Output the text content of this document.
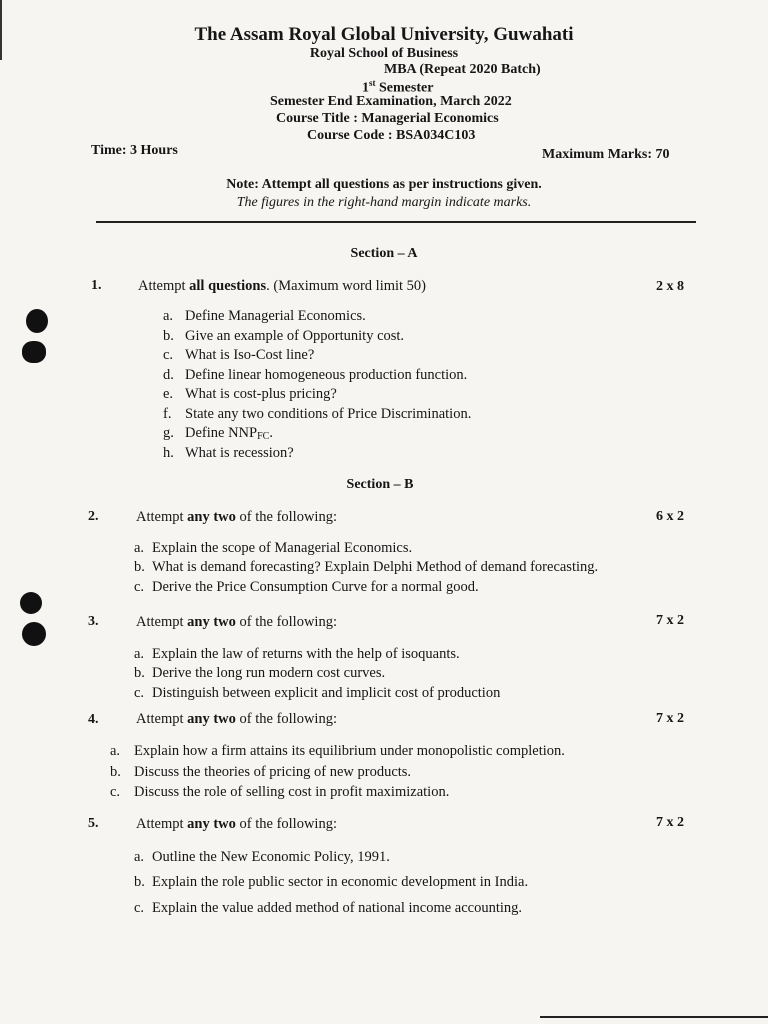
The Assam Royal Global University, Guwahati
Royal School of Business
MBA (Repeat 2020 Batch)
1st Semester
Semester End Examination, March 2022
Course Title : Managerial Economics
Course Code : BSA034C103
Time: 3 Hours	Maximum Marks: 70
Note: Attempt all questions as per instructions given.
The figures in the right-hand margin indicate marks.
Section – A
1.	Attempt all questions. (Maximum word limit 50)	2 x 8
a. Define Managerial Economics.
b. Give an example of Opportunity cost.
c. What is Iso-Cost line?
d. Define linear homogeneous production function.
e. What is cost-plus pricing?
f. State any two conditions of Price Discrimination.
g. Define $NNP_{FC}$.
h. What is recession?
Section – B
2.	Attempt any two of the following:	6 x 2
a. Explain the scope of Managerial Economics.
b. What is demand forecasting? Explain Delphi Method of demand forecasting.
c. Derive the Price Consumption Curve for a normal good.
3.	Attempt any two of the following:	7 x 2
a. Explain the law of returns with the help of isoquants.
b. Derive the long run modern cost curves.
c. Distinguish between explicit and implicit cost of production
4.	Attempt any two of the following:	7 x 2
a. Explain how a firm attains its equilibrium under monopolistic completion.
b. Discuss the theories of pricing of new products.
c. Discuss the role of selling cost in profit maximization.
5.	Attempt any two of the following:	7 x 2
a. Outline the New Economic Policy, 1991.
b. Explain the role public sector in economic development in India.
c. Explain the value added method of national income accounting.
